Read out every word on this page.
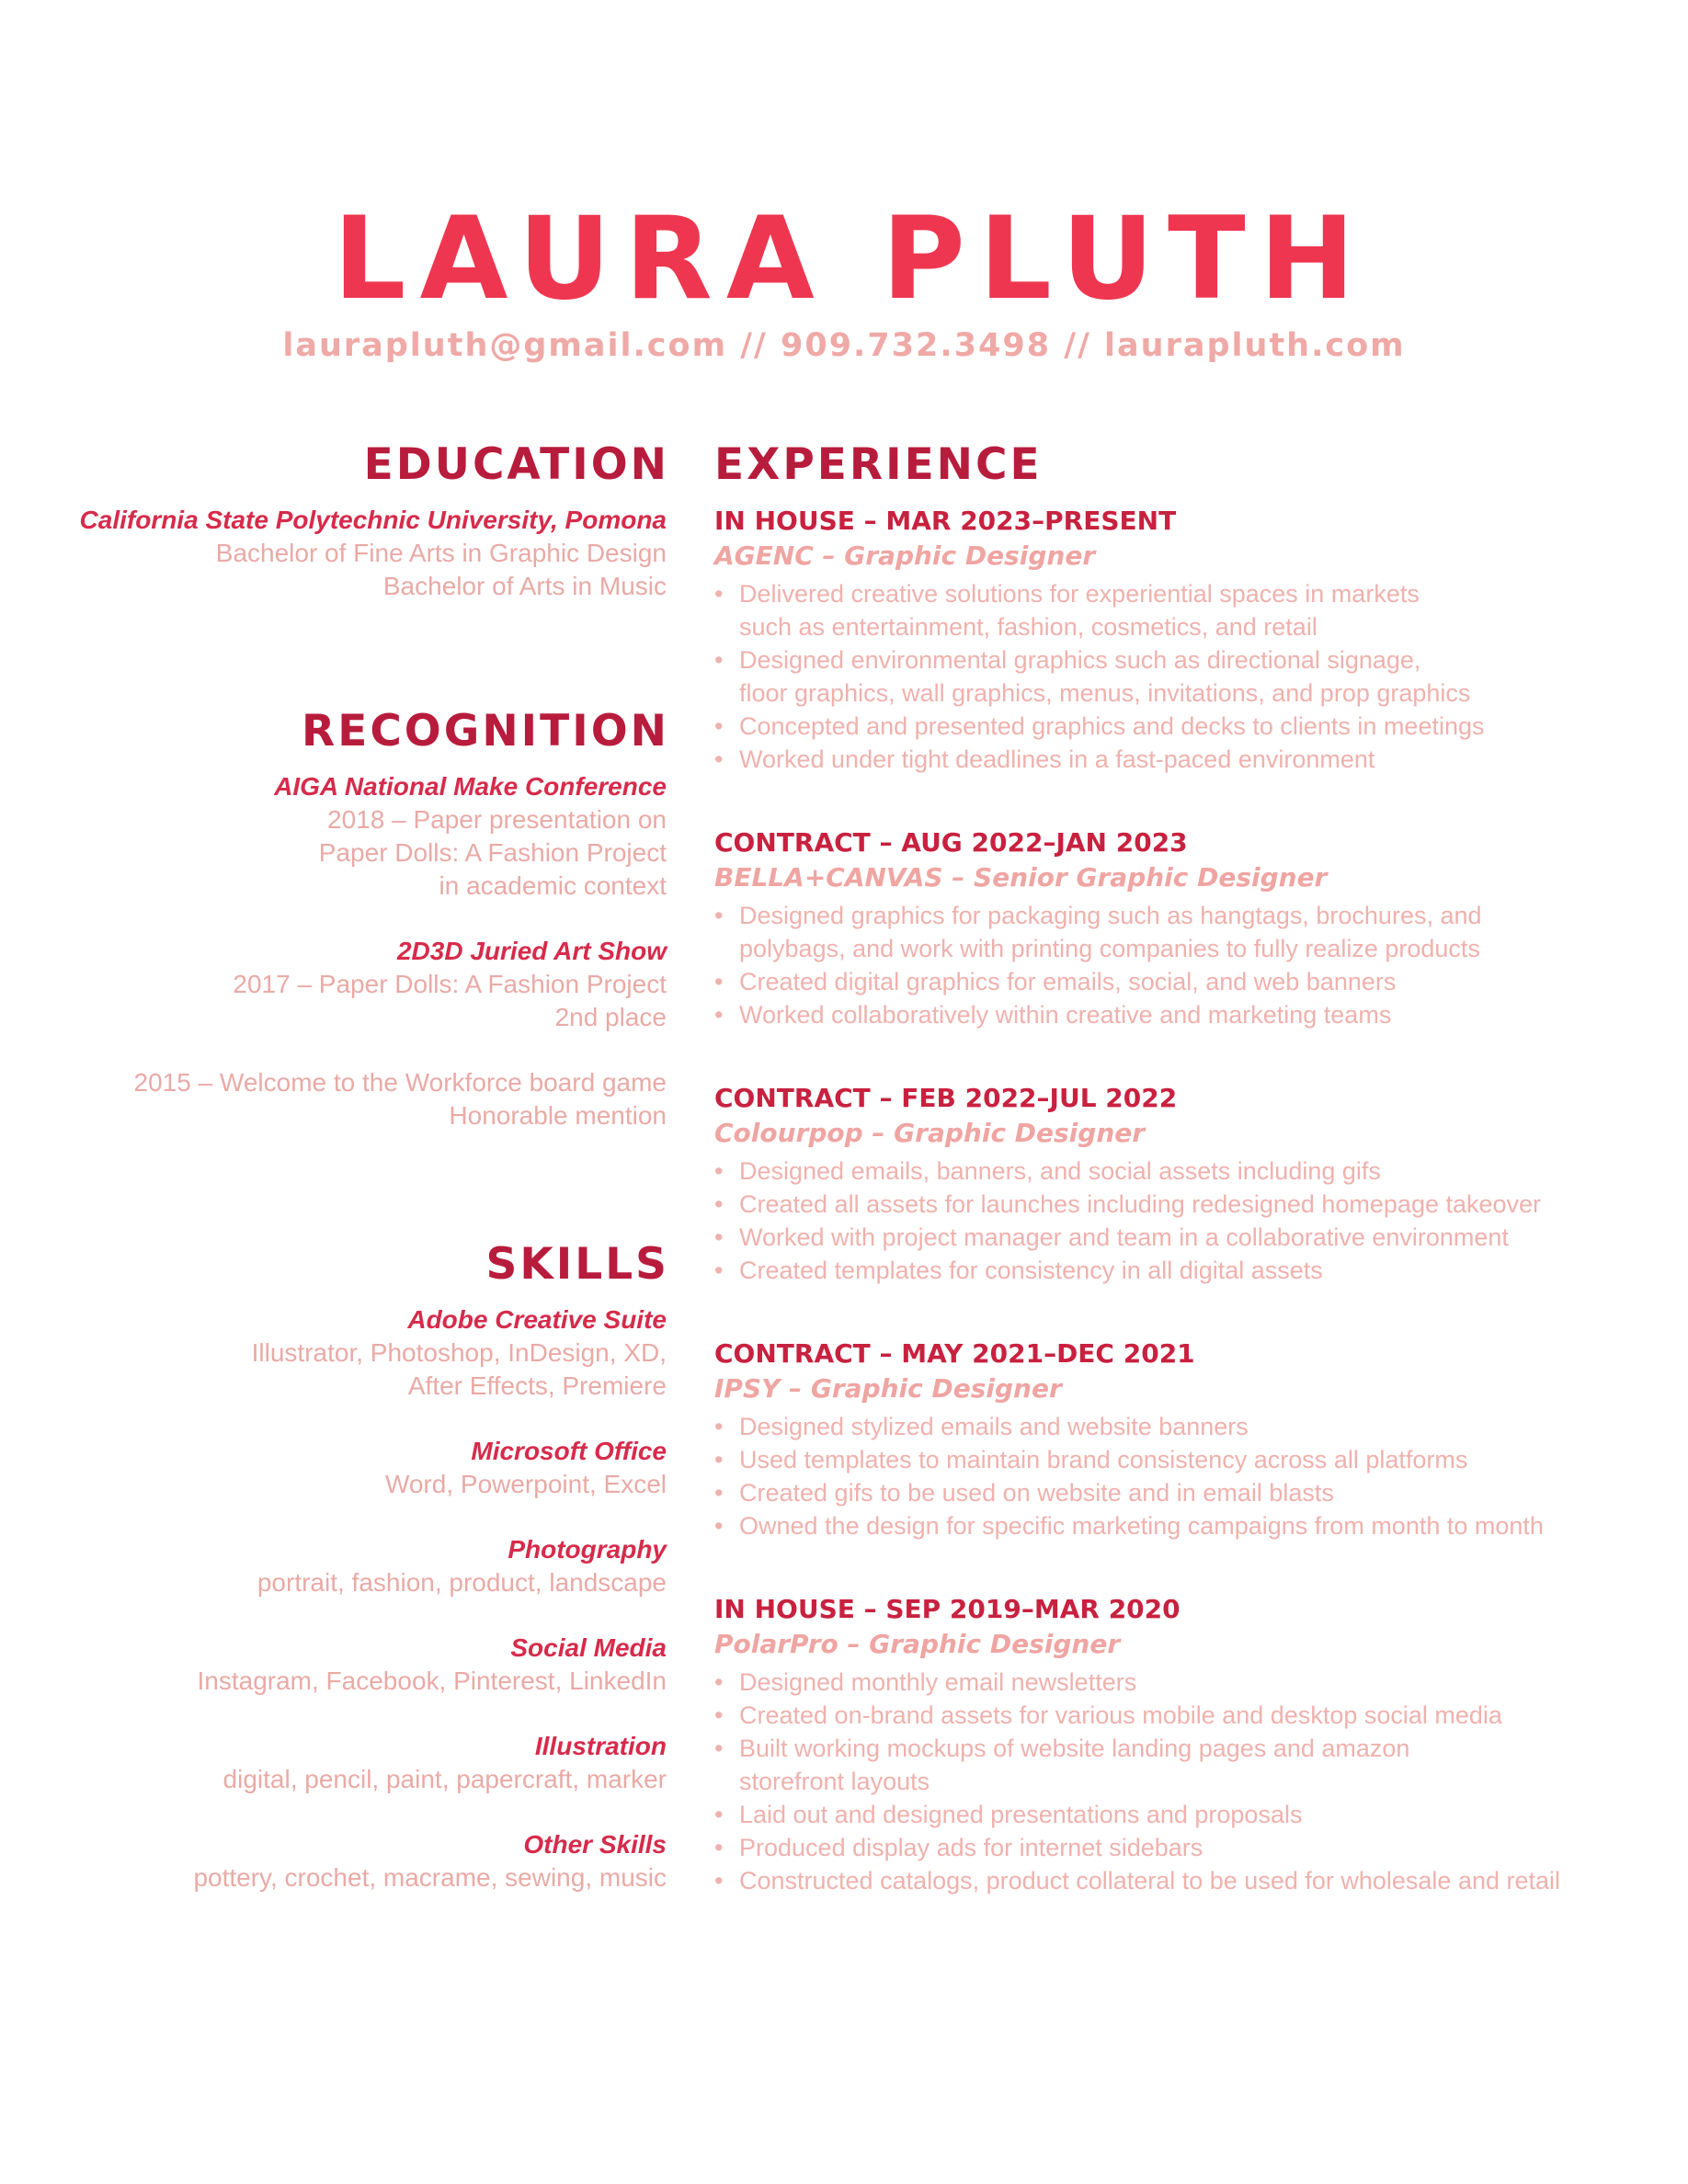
LAURA PLUTH
laurapluth@gmail.com // 909.732.3498 // laurapluth.com
EDUCATION
California State Polytechnic University, Pomona
Bachelor of Fine Arts in Graphic Design
Bachelor of Arts in Music
RECOGNITION
AIGA National Make Conference
2018 – Paper presentation on
Paper Dolls: A Fashion Project
in academic context
2D3D Juried Art Show
2017 – Paper Dolls: A Fashion Project
2nd place
2015 – Welcome to the Workforce board game
Honorable mention
SKILLS
Adobe Creative Suite
Illustrator, Photoshop, InDesign, XD,
After Effects, Premiere
Microsoft Office
Word, Powerpoint, Excel
Photography
portrait, fashion, product, landscape
Social Media
Instagram, Facebook, Pinterest, LinkedIn
Illustration
digital, pencil, paint, papercraft, marker
Other Skills
pottery, crochet, macrame, sewing, music
EXPERIENCE
IN HOUSE – MAR 2023–PRESENT
AGENC – Graphic Designer
• Delivered creative solutions for experiential spaces in markets
such as entertainment, fashion, cosmetics, and retail
• Designed environmental graphics such as directional signage,
floor graphics, wall graphics, menus, invitations, and prop graphics
• Concepted and presented graphics and decks to clients in meetings
• Worked under tight deadlines in a fast-paced environment
CONTRACT – AUG 2022–JAN 2023
BELLA+CANVAS – Senior Graphic Designer
• Designed graphics for packaging such as hangtags, brochures, and
polybags, and work with printing companies to fully realize products
• Created digital graphics for emails, social, and web banners
• Worked collaboratively within creative and marketing teams
CONTRACT – FEB 2022–JUL 2022
Colourpop – Graphic Designer
• Designed emails, banners, and social assets including gifs
• Created all assets for launches including redesigned homepage takeover
• Worked with project manager and team in a collaborative environment
• Created templates for consistency in all digital assets
CONTRACT – MAY 2021–DEC 2021
IPSY – Graphic Designer
• Designed stylized emails and website banners
• Used templates to maintain brand consistency across all platforms
• Created gifs to be used on website and in email blasts
• Owned the design for specific marketing campaigns from month to month
IN HOUSE – SEP 2019–MAR 2020
PolarPro – Graphic Designer
• Designed monthly email newsletters
• Created on-brand assets for various mobile and desktop social media
• Built working mockups of website landing pages and amazon
storefront layouts
• Laid out and designed presentations and proposals
• Produced display ads for internet sidebars
• Constructed catalogs, product collateral to be used for wholesale and retail
